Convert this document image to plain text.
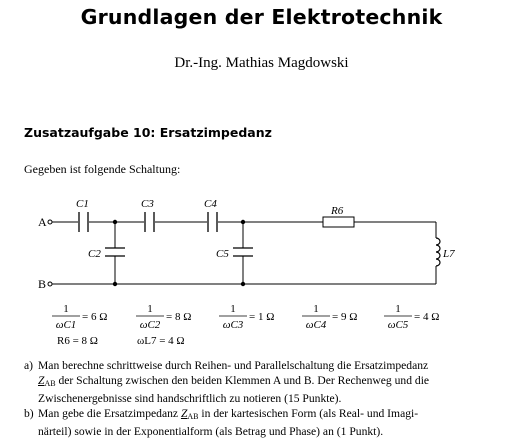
Grundlagen der Elektrotechnik
Dr.-Ing. Mathias Magdowski
Zusatzaufgabe 10: Ersatzimpedanz
Gegeben ist folgende Schaltung:
A
B
C1	C3	C4
R6
C2	C5	L7
1
ωC1
= 6 Ω
1
ωC2
= 8 Ω
1
ωC3
= 1 Ω
1
ωC4
= 9 Ω
1
ωC5
= 4 Ω
R6 = 8 Ω	ωL7 = 4 Ω
a) Man berechne schrittweise durch Reihen- und Parallelschaltung die Ersatzimpedanz
ZAB der Schaltung zwischen den beiden Klemmen A und B. Der Rechenweg und die
Zwischenergebnisse sind handschriftlich zu notieren (15 Punkte).
b) Man gebe die Ersatzimpedanz ZAB in der kartesischen Form (als Real- und Imagi-
närteil) sowie in der Exponentialform (als Betrag und Phase) an (1 Punkt).
